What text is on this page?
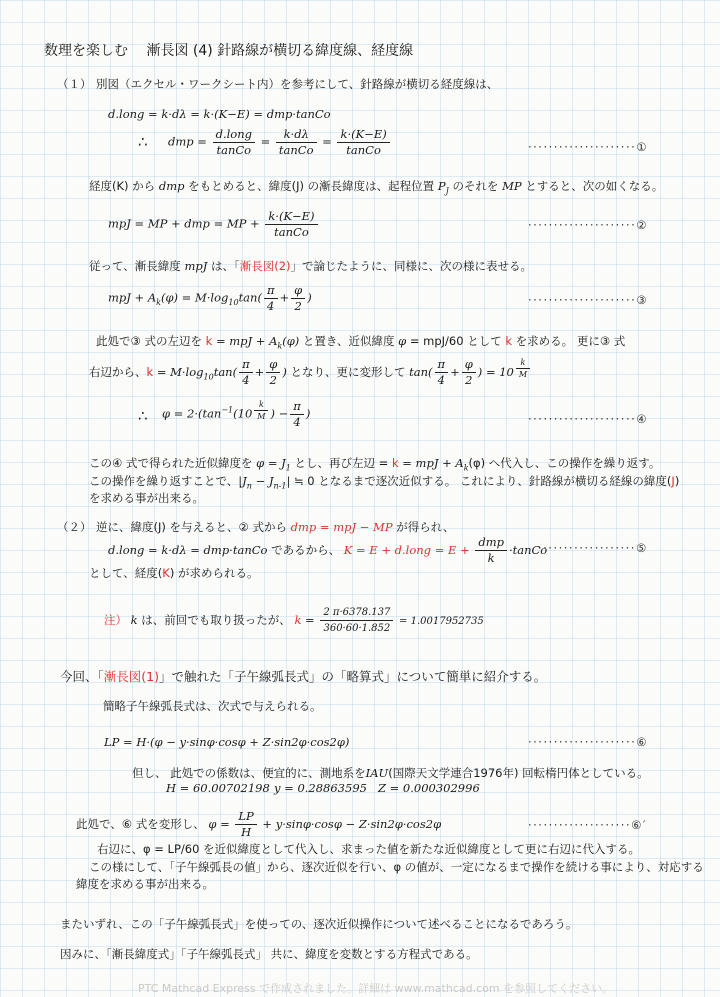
数理を楽しむ　 漸長図 (4) 針路線が横切る緯度線、経度線
（１） 別図（エクセル・ワークシート内）を参考にして、針路線が横切る経度線は、
d.long = k·dλ = k·(K−E) = dmp·tanCo
∴ dmp = $\frac{\text{d.long}}{\text{tanCo}} = \frac{k\cdot d\lambda}{\text{tanCo}} = \frac{k\cdot(K-E)}{\text{tanCo}}$	·····················①
経度(K) から dmp をもとめると、緯度(J) の漸長緯度は、起程位置 $P_J$ のそれを MP とすると、次の如くなる。
mpJ = MP + dmp = MP + $\frac{k\cdot(K-E)}{\text{tanCo}}$	·····················②
従って、漸長緯度 mpJ は、「漸長図(2)」で論じたように、同様に、次の様に表せる。
mpJ + $A_k(\varphi) = M\cdot\log_{10}\tan( \frac{\pi}{4} + \frac{\varphi}{2}$ )	·····················③
此処で③ 式の左辺を k = mpJ + $A_k(\varphi)$ と置き、近似緯度 φ = mpJ/60 として k を求める。 更に③ 式
右辺から、$k = M\cdot\log_{10}\tan( \frac{\pi}{4} + \frac{\varphi}{2}$ ) となり、更に変形して $\tan( \frac{\pi}{4} + \frac{\varphi}{2}$ ) = $10 \frac{k}{M}$
∴ $\varphi = 2\cdot(\tan^{-1}(10 \frac{k}{M}$ ) − $\frac{\pi}{4}$ )	·····················④
この④ 式で得られた近似緯度を $\varphi = J_1$ とし、再び左辺 = k = mpJ + $A_k(\varphi)$ へ代入し、この操作を繰り返す。
この操作を繰り返すことで、$|J_n - J_{n-1}|$ ≒ 0 となるまで逐次近似する。 これにより、針路線が横切る経線の緯度(J)
を求める事が出来る。
（２） 逆に、緯度(J) を与えると、② 式から dmp = mpJ − MP が得られ、
d.long = k·dλ = dmp·tanCo であるから、 K = E + d.long = $E + \frac{\text{dmp}}{k}$ ·tanCo
···················⑤
として、経度(K) が求められる。
注） k は、前回でも取り扱ったが、 $k = \frac{2 \pi\cdot 6378.137}{360\cdot 60\cdot 1.852} = 1.0017952735$
今回、「漸長図(1)」で触れた「子午線弧長式」の「略算式」について簡単に紹介する。
簡略子午線弧長式は、次式で与えられる。
LP = H·(φ − y·sinφ·cosφ + Z·sin2φ·cos2φ)	·····················⑥
但し、 此処での係数は、便宜的に、測地系をIAU(国際天文学連合1976年) 回転楕円体としている。
H = 60.00702198 y = 0.28863595 Z = 0.000302996
此処で、⑥ 式を変形し、 $\varphi = \frac{LP}{H} + y\cdot\sin\varphi\cdot\cos\varphi - Z\cdot\sin 2\varphi\cdot\cos 2\varphi$	····················⑥′
右辺に、φ = LP/60 を近似緯度として代入し、求まった値を新たな近似緯度として更に右辺に代入する。
この様にして、「子午線弧長の値」から、逐次近似を行い、φ の値が、一定になるまで操作を続ける事により、対応する
緯度を求める事が出来る。
またいずれ、この「子午線弧長式」を使っての、逐次近似操作について述べることになるであろう。
因みに、「漸長緯度式」「子午線弧長式」 共に、緯度を変数とする方程式である。
PTC Mathcad Express で作成されました。詳細は www.mathcad.com を参照してください。
